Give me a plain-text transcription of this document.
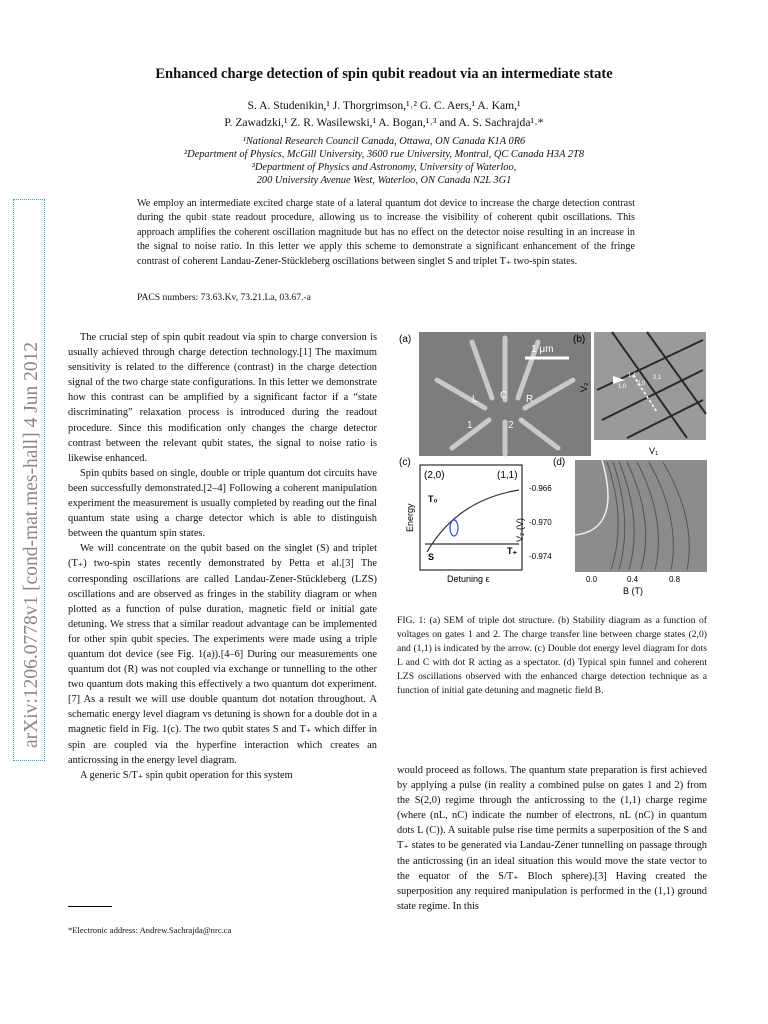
arXiv:1206.0778v1 [cond-mat.mes-hall] 4 Jun 2012
Enhanced charge detection of spin qubit readout via an intermediate state
S. A. Studenikin,¹ J. Thorgrimson,¹˒² G. C. Aers,¹ A. Kam,¹
P. Zawadzki,¹ Z. R. Wasilewski,¹ A. Bogan,¹˒³ and A. S. Sachrajda¹˒*
¹National Research Council Canada, Ottawa, ON Canada K1A 0R6
²Department of Physics, McGill University, 3600 rue University, Montral, QC Canada H3A 2T8
³Department of Physics and Astronomy, University of Waterloo,
200 University Avenue West, Waterloo, ON Canada N2L 3G1
We employ an intermediate excited charge state of a lateral quantum dot device to increase the charge detection contrast during the qubit state readout procedure, allowing us to increase the visibility of coherent qubit oscillations. This approach amplifies the coherent oscillation magnitude but has no effect on the detector noise resulting in an increase in the signal to noise ratio. In this letter we apply this scheme to demonstrate a significant enhancement of the fringe contrast of coherent Landau-Zener-Stückleberg oscillations between singlet S and triplet T₊ two-spin states.
PACS numbers: 73.63.Kv, 73.21.La, 03.67.-a

The crucial step of spin qubit readout via spin to charge conversion is usually achieved through charge detection technology.[1] The maximum sensitivity is related to the difference (contrast) in the charge detection signal of the two charge state configurations. In this letter we demonstrate how this contrast can be amplified by a significant factor if a “state discriminating” relaxation process is introduced during the readout procedure. Since this modification only changes the charge detector contrast between the relevant qubit states, the signal to noise ratio is likewise enhanced.

Spin qubits based on single, double or triple quantum dot circuits have been successfully demonstrated.[2–4] Following a coherent manipulation experiment the measurement is usually completed by reading out the final quantum state using a charge detector which is able to distinguish between the quantum spin states.

We will concentrate on the qubit based on the singlet (S) and triplet (T₊) two-spin states recently demonstrated by Petta et al.[3] The corresponding oscillations are called Landau-Zener-Stückleberg (LZS) oscillations and are observed as fringes in the stability diagram or when plotted as a function of pulse duration, magnetic field or initial gate detuning. We stress that a similar readout advantage can be implemented for other spin qubit species. The experiments were made using a triple quantum dot device (see Fig. 1(a)).[4–6] During our measurements one quantum dot (R) was not coupled via exchange or tunnelling to the other two quantum dots making this effectively a two quantum dot experiment.[7] As a result we will use double quantum dot notation throughout. A schematic energy level diagram vs detuning is shown for a double dot in a magnetic field in Fig. 1(c). The two qubit states S and T₊ which differ in spin are coupled via the hyperfine interaction which creates an anticrossing in the energy level diagram.

A generic S/T₊ spin qubit operation for this system

*Electronic address: Andrew.Sachrajda@nrc.ca
(a)
1 μm
L C R
1	2
(b)
1,1	2,1
1,0 2,0
V₂
V₁
(c)
(2,0)	(1,1)
T₀
S
T₊
Energy
Detuning ε
(d)
-0.966
-0.970
-0.974
V₂ (V)
0.0	0.4	0.8
B (T)
FIG. 1: (a) SEM of triple dot structure. (b) Stability diagram as a function of voltages on gates 1 and 2. The charge transfer line between charge states (2,0) and (1,1) is indicated by the arrow. (c) Double dot energy level diagram for dots L and C with dot R acting as a spectator. (d) Typical spin funnel and coherent LZS oscillations observed with the enhanced charge detection technique as a function of initial gate detuning and magnetic field B.

would proceed as follows. The quantum state preparation is first achieved by applying a pulse (in reality a combined pulse on gates 1 and 2) from the S(2,0) regime through the anticrossing to the (1,1) charge regime (where (nL, nC) indicate the number of electrons, nL (nC) in quantum dots L (C)). A suitable pulse rise time permits a superposition of the S and T₊ states to be generated via Landau-Zener tunnelling on passage through the anticrossing (in an ideal situation this would move the state vector to the equator of the S/T₊ Bloch sphere).[3] Having created the superposition any required manipulation is performed in the (1,1) ground state regime. In this
